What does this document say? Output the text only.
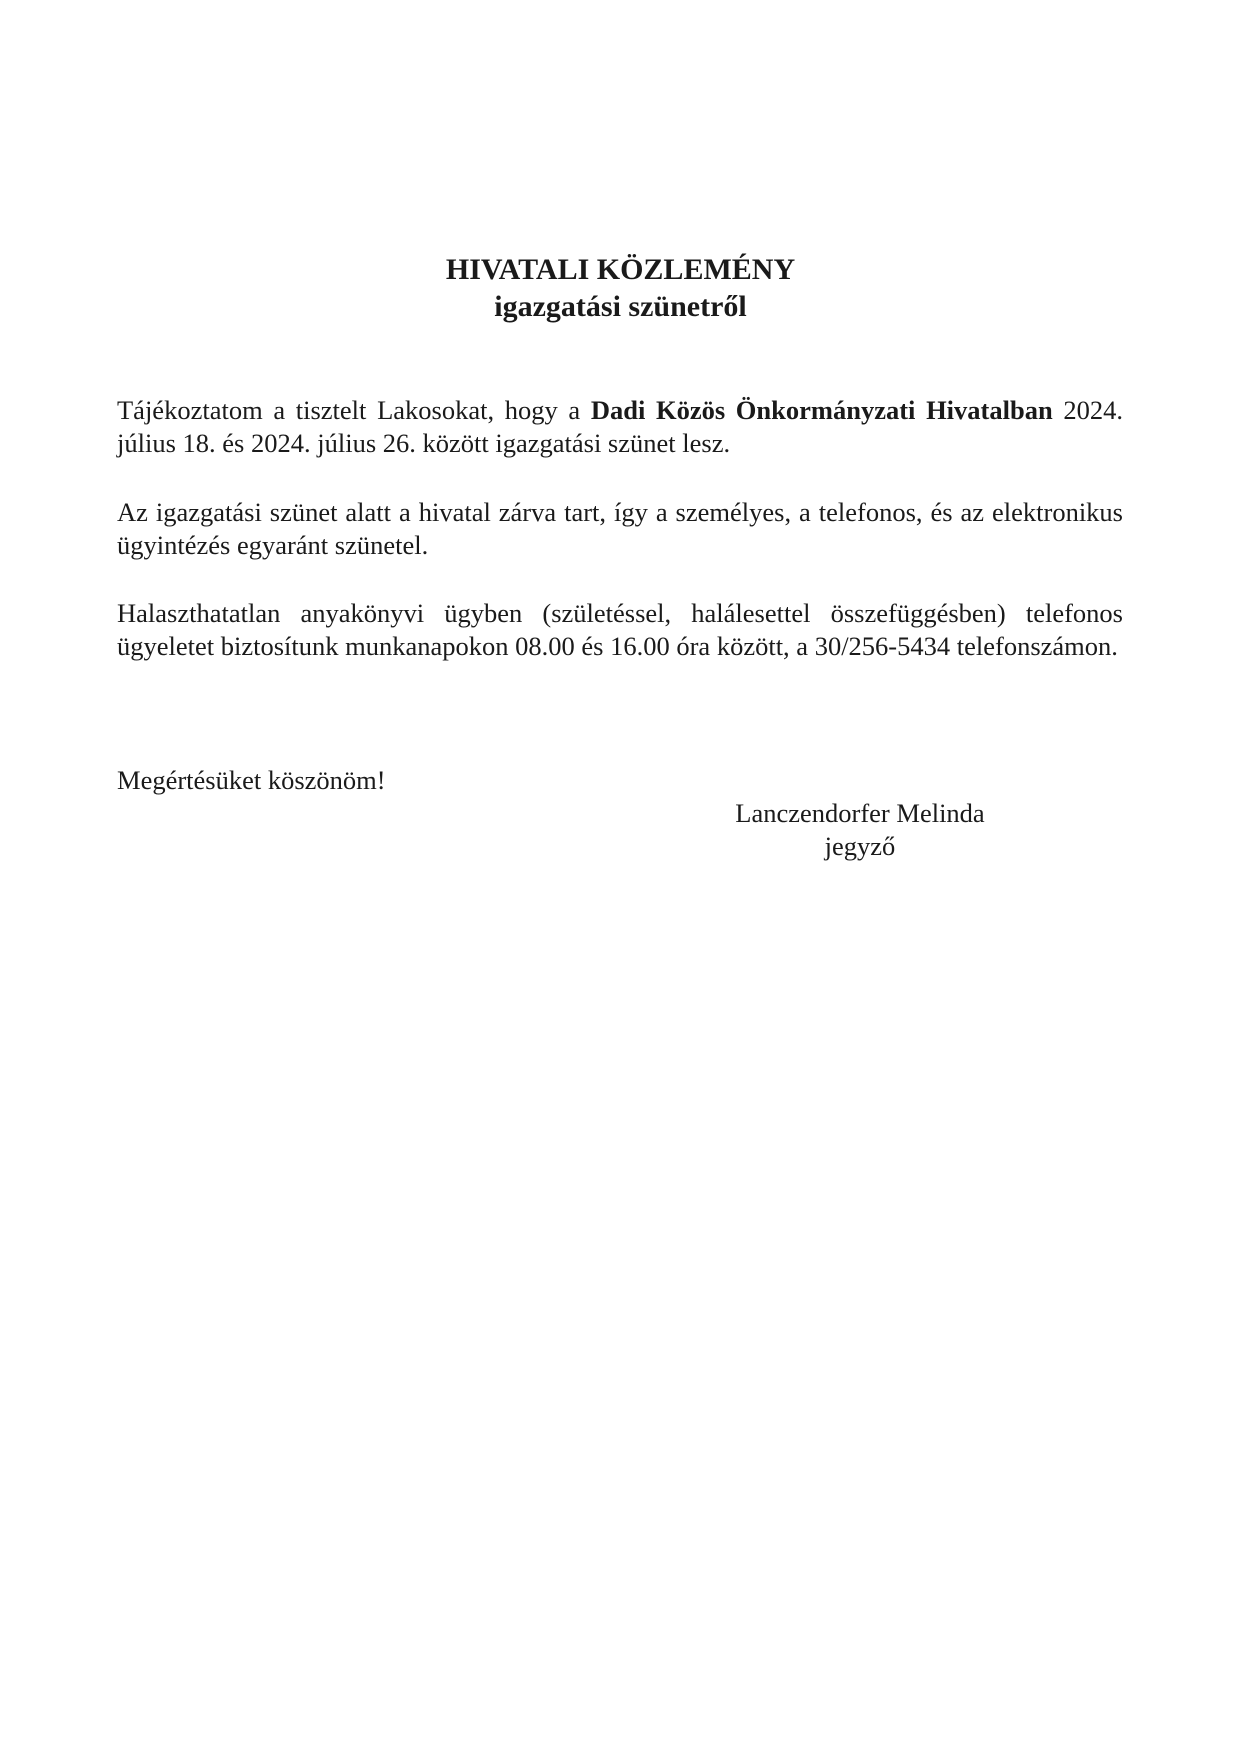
HIVATALI KÖZLEMÉNY
igazgatási szünetről

Tájékoztatom a tisztelt Lakosokat, hogy a Dadi Közös Önkormányzati Hivatalban 2024. július 18. és 2024. július 26. között igazgatási szünet lesz.

Az igazgatási szünet alatt a hivatal zárva tart, így a személyes, a telefonos, és az elektronikus ügyintézés egyaránt szünetel.

Halaszthatatlan anyakönyvi ügyben (születéssel, halálesettel összefüggésben) telefonos ügyeletet biztosítunk munkanapokon 08.00 és 16.00 óra között, a 30/256-5434 telefonszámon.

Megértésüket köszönöm!

Lanczendorfer Melinda
jegyző
